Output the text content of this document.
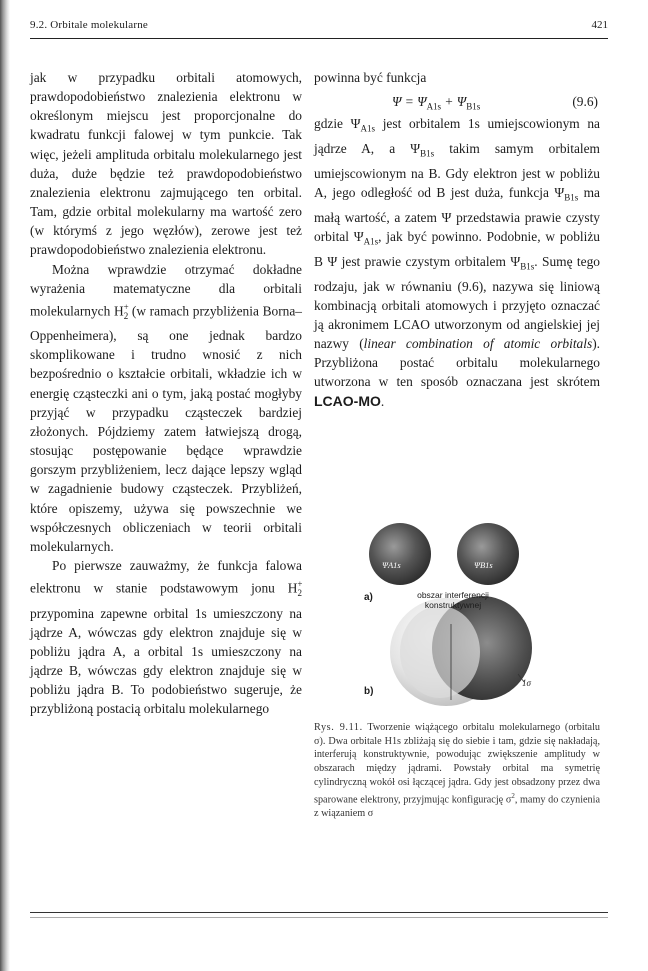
9.2. Orbitale molekularne	421

jak w przypadku orbitali atomowych, prawdopodobieństwo znalezienia elektronu w określonym miejscu jest proporcjonalne do kwadratu funkcji falowej w tym punkcie. Tak więc, jeżeli amplituda orbitalu molekularnego jest duża, duże będzie też prawdopodobieństwo znalezienia elektronu zajmującego ten orbital. Tam, gdzie orbital molekularny ma wartość zero (w którymś z jego węzłów), zerowe jest też prawdopodobieństwo znalezienia elektronu.

Można wprawdzie otrzymać dokładne wyrażenia matematyczne dla orbitali molekularnych $H^+_2$ (w ramach przybliżenia Borna–Oppenheimera), są one jednak bardzo skomplikowane i trudno wnosić z nich bezpośrednio o kształcie orbitali, wkładzie ich w energię cząsteczki ani o tym, jaką postać mogłyby przyjąć w przypadku cząsteczek bardziej złożonych. Pójdziemy zatem łatwiejszą drogą, stosując postępowanie będące wprawdzie gorszym przybliżeniem, lecz dające lepszy wgląd w zagadnienie budowy cząsteczek. Przybliżeń, które opiszemy, używa się powszechnie we współczesnych obliczeniach w teorii orbitali molekularnych.

Po pierwsze zauważmy, że funkcja falowa elektronu w stanie podstawowym jonu $H^+_2$ przypomina zapewne orbital 1s umieszczony na jądrze A, wówczas gdy elektron znajduje się w pobliżu jądra A, a orbital 1s umieszczony na jądrze B, wówczas gdy elektron znajduje się w pobliżu jądra B. To podobieństwo sugeruje, że przybliżoną postacią orbitalu molekularnego

powinna być funkcja

$\Psi = \Psi_{A1s} + \Psi_{B1s}$	(9.6)

gdzie $\Psi_{A1s}$ jest orbitalem 1s umiejscowionym na jądrze A, a $\Psi_{B1s}$ takim samym orbitalem umiejscowionym na B. Gdy elektron jest w pobliżu A, jego odległość od B jest duża, funkcja $\Psi_{B1s}$ ma małą wartość, a zatem Ψ przedstawia prawie czysty orbital $\Psi_{A1s}$, jak być powinno. Podobnie, w pobliżu B Ψ jest prawie czystym orbitalem $\Psi_{B1s}$. Sumę tego rodzaju, jak w równaniu (9.6), nazywa się liniową kombinacją orbitali atomowych i przyjęto oznaczać ją akronimem LCAO utworzonym od angielskiej jej nazwy (linear combination of atomic orbitals). Przybliżona postać orbitalu molekularnego utworzona w ten sposób oznaczana jest skrótem LCAO-MO.

ΨA1s	ΨB1s
a)	obszar interferencji
konstruktywnej
b)
1σ
Rys. 9.11. Tworzenie wiążącego orbitalu molekularnego (orbitalu σ). Dwa orbitale H1s zbliżają się do siebie i tam, gdzie się nakładają, interferują konstruktywnie, powodując zwiększenie amplitudy w obszarach między jądrami. Powstały orbital ma symetrię cylindryczną wokół osi łączącej jądra. Gdy jest obsadzony przez dwa sparowane elektrony, przyjmując konfigurację $\sigma^2$, mamy do czynienia z wiązaniem σ
